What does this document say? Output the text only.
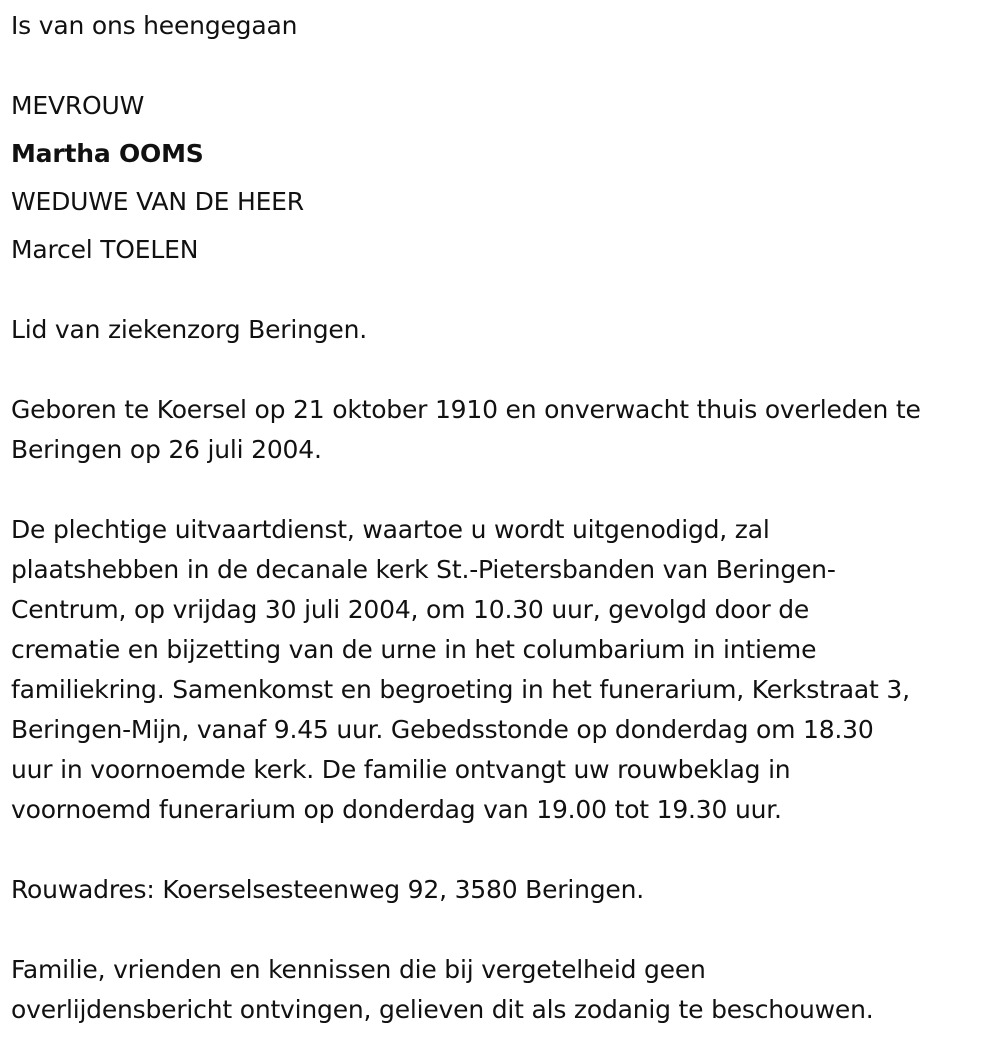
Is van ons heengegaan

MEVROUW

Martha OOMS

WEDUWE VAN DE HEER

Marcel TOELEN

Lid van ziekenzorg Beringen.

Geboren te Koersel op 21 oktober 1910 en onverwacht thuis overleden te

Beringen op 26 juli 2004.

De plechtige uitvaartdienst, waartoe u wordt uitgenodigd, zal

plaatshebben in de decanale kerk St.-Pietersbanden van Beringen-

Centrum, op vrijdag 30 juli 2004, om 10.30 uur, gevolgd door de

crematie en bijzetting van de urne in het columbarium in intieme

familiekring. Samenkomst en begroeting in het funerarium, Kerkstraat 3,

Beringen-Mijn, vanaf 9.45 uur. Gebedsstonde op donderdag om 18.30

uur in voornoemde kerk. De familie ontvangt uw rouwbeklag in

voornoemd funerarium op donderdag van 19.00 tot 19.30 uur.

Rouwadres: Koerselsesteenweg 92, 3580 Beringen.

Familie, vrienden en kennissen die bij vergetelheid geen

overlijdensbericht ontvingen, gelieven dit als zodanig te beschouwen.
